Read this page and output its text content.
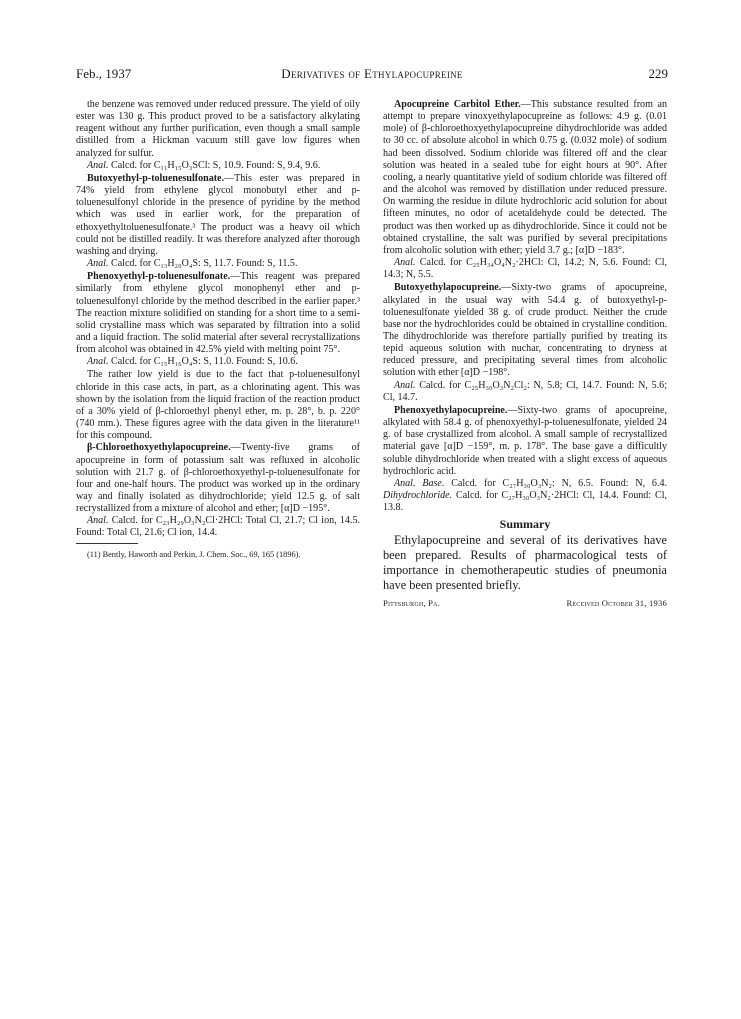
Feb., 1937	Derivatives of Ethylapocupreine	229

the benzene was removed under reduced pressure. The yield of oily ester was 130 g. This product proved to be a satisfactory alkylating reagent without any further purification, even though a small sample distilled from a Hickman vacuum still gave low figures when analyzed for sulfur.

Anal. Calcd. for C₁₁H₁₅O₃SCl: S, 10.9. Found: S, 9.4, 9.6.

Butoxyethyl-p-toluenesulfonate.—This ester was prepared in 74% yield from ethylene glycol monobutyl ether and p-toluenesulfonyl chloride in the presence of pyridine by the method which was used in earlier work, for the preparation of ethoxyethyltoluenesulfonate.³ The product was a heavy oil which could not be distilled readily. It was therefore analyzed after thorough washing and drying.

Anal. Calcd. for C₁₃H₂₀O₄S: S, 11.7. Found: S, 11.5.

Phenoxyethyl-p-toluenesulfonate.—This reagent was prepared similarly from ethylene glycol monophenyl ether and p-toluenesulfonyl chloride by the method described in the earlier paper.³ The reaction mixture solidified on standing for a short time to a semi-solid crystalline mass which was separated by filtration into a solid and a liquid fraction. The solid material after several recrystallizations from alcohol was obtained in 42.5% yield with melting point 75°.

Anal. Calcd. for C₁₅H₁₆O₄S: S, 11.0. Found: S, 10.6.

The rather low yield is due to the fact that p-toluenesulfonyl chloride in this case acts, in part, as a chlorinating agent. This was shown by the isolation from the liquid fraction of the reaction product of a 30% yield of β-chloroethyl phenyl ether, m. p. 28°, b. p. 220° (740 mm.). These figures agree with the data given in the literature¹¹ for this compound.

β-Chloroethoxyethylapocupreine.—Twenty-five grams of apocupreine in form of potassium salt was refluxed in alcoholic solution with 21.7 g. of β-chloroethoxyethyl-p-toluenesulfonate for four and one-half hours. The product was worked up in the ordinary way and finally isolated as dihydrochloride; yield 12.5 g. of salt recrystallized from a mixture of alcohol and ether; [α]D −195°.

Anal. Calcd. for C₂₃H₂₉O₃N₂Cl·2HCl: Total Cl, 21.7; Cl ion, 14.5. Found: Total Cl, 21.6; Cl ion, 14.4.

(11) Bently, Haworth and Perkin, J. Chem. Soc., 69, 165 (1896).

Apocupreine Carbitol Ether.—This substance resulted from an attempt to prepare vinoxyethylapocupreine as follows: 4.9 g. (0.01 mole) of β-chloroethoxyethylapocupreine dihydrochloride was added to 30 cc. of absolute alcohol in which 0.75 g. (0.032 mole) of sodium had been dissolved. Sodium chloride was filtered off and the clear solution was heated in a sealed tube for eight hours at 90°. After cooling, a nearly quantitative yield of sodium chloride was filtered off and the alcohol was removed by distillation under reduced pressure. On warming the residue in dilute hydrochloric acid solution for about fifteen minutes, no odor of acetaldehyde could be detected. The product was then worked up as dihydrochloride. Since it could not be obtained crystalline, the salt was purified by several precipitations from alcoholic solution with ether; yield 3.7 g.; [α]D −183°.

Anal. Calcd. for C₂₅H₃₄O₄N₂·2HCl: Cl, 14.2; N, 5.6. Found: Cl, 14.3; N, 5.5.

Butoxyethylapocupreine.—Sixty-two grams of apocupreine, alkylated in the usual way with 54.4 g. of butoxyethyl-p-toluenesulfonate yielded 38 g. of crude product. Neither the crude base nor the hydrochlorides could be obtained in crystalline condition. The dihydrochloride was therefore partially purified by treating its tepid aqueous solution with nuchar, concentrating to dryness at reduced pressure, and precipitating several times from alcoholic solution with ether [α]D −198°.

Anal. Calcd. for C₂₅H₃₀O₃N₂Cl₂: N, 5.8; Cl, 14.7. Found: N, 5.6; Cl, 14.7.

Phenoxyethylapocupreine.—Sixty-two grams of apocupreine, alkylated with 58.4 g. of phenoxyethyl-p-toluenesulfonate, yielded 24 g. of base crystallized from alcohol. A small sample of recrystallized material gave [α]D −159°, m. p. 178°. The base gave a difficultly soluble dihydrochloride when treated with a slight excess of aqueous hydrochloric acid.

Anal. Base. Calcd. for C₂₇H₃₀O₃N₂: N, 6.5. Found: N, 6.4. Dihydrochloride. Calcd. for C₂₇H₃₀O₃N₂·2HCl: Cl, 14.4. Found: Cl, 13.8.

Summary

Ethylapocupreine and several of its derivatives have been prepared. Results of pharmacological tests of importance in chemotherapeutic studies of pneumonia have been presented briefly.

Pittsburgh, Pa.	Received October 31, 1936
